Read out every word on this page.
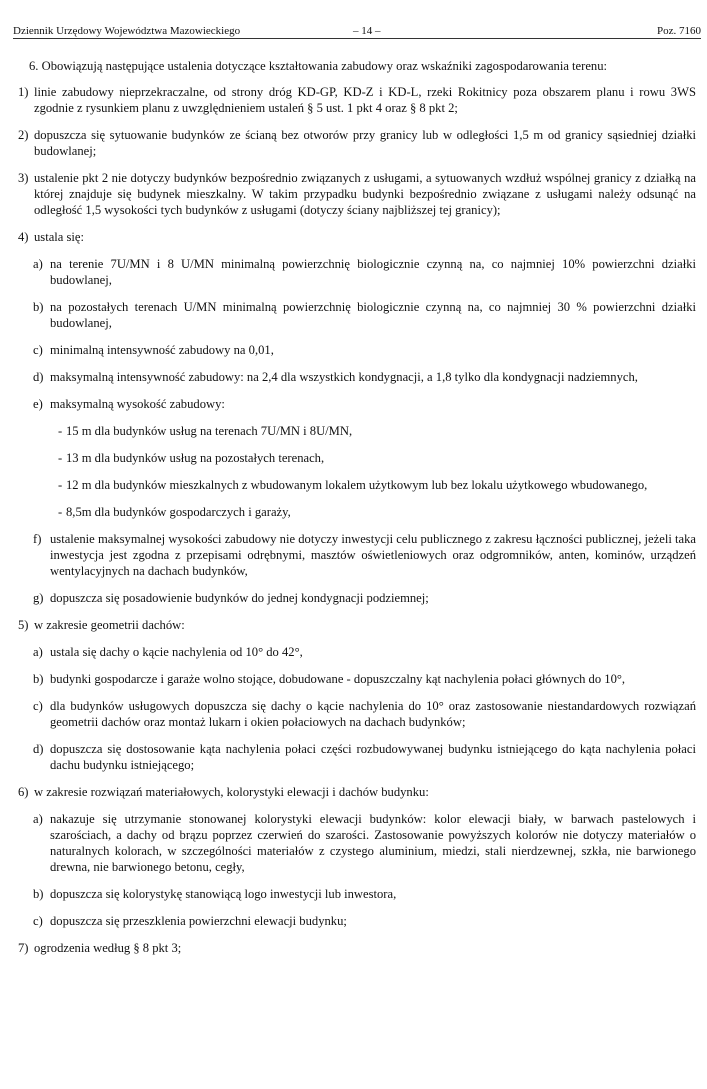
Dziennik Urzędowy Województwa Mazowieckiego	– 14 –	Poz. 7160

6. Obowiązują następujące ustalenia dotyczące kształtowania zabudowy oraz wskaźniki zagospodarowania terenu:

1) linie zabudowy nieprzekraczalne, od strony dróg KD-GP, KD-Z i KD-L, rzeki Rokitnicy poza obszarem planu i rowu 3WS zgodnie z rysunkiem planu z uwzględnieniem ustaleń § 5 ust. 1 pkt 4 oraz § 8 pkt 2;

2) dopuszcza się sytuowanie budynków ze ścianą bez otworów przy granicy lub w odległości 1,5 m od granicy sąsiedniej działki budowlanej;

3) ustalenie pkt 2 nie dotyczy budynków bezpośrednio związanych z usługami, a sytuowanych wzdłuż wspólnej granicy z działką na której znajduje się budynek mieszkalny. W takim przypadku budynki bezpośrednio związane z usługami należy odsunąć na odległość 1,5 wysokości tych budynków z usługami (dotyczy ściany najbliższej tej granicy);

4) ustala się:

a) na terenie 7U/MN i 8 U/MN minimalną powierzchnię biologicznie czynną na, co najmniej 10% powierzchni działki budowlanej,

b) na pozostałych terenach U/MN minimalną powierzchnię biologicznie czynną na, co najmniej 30 % powierzchni działki budowlanej,

c) minimalną intensywność zabudowy na 0,01,

d) maksymalną intensywność zabudowy: na 2,4 dla wszystkich kondygnacji, a 1,8 tylko dla kondygnacji nadziemnych,

e) maksymalną wysokość zabudowy:

- 15 m dla budynków usług na terenach 7U/MN i 8U/MN,

- 13 m dla budynków usług na pozostałych terenach,

- 12 m dla budynków mieszkalnych z wbudowanym lokalem użytkowym lub bez lokalu użytkowego wbudowanego,

- 8,5m dla budynków gospodarczych i garaży,

f) ustalenie maksymalnej wysokości zabudowy nie dotyczy inwestycji celu publicznego z zakresu łączności publicznej, jeżeli taka inwestycja jest zgodna z przepisami odrębnymi, masztów oświetleniowych oraz odgromników, anten, kominów, urządzeń wentylacyjnych na dachach budynków,

g) dopuszcza się posadowienie budynków do jednej kondygnacji podziemnej;

5) w zakresie geometrii dachów:

a) ustala się dachy o kącie nachylenia od 10° do 42°,

b) budynki gospodarcze i garaże wolno stojące, dobudowane - dopuszczalny kąt nachylenia połaci głównych do 10°,

c) dla budynków usługowych dopuszcza się dachy o kącie nachylenia do 10° oraz zastosowanie niestandardowych rozwiązań geometrii dachów oraz montaż lukarn i okien połaciowych na dachach budynków;

d) dopuszcza się dostosowanie kąta nachylenia połaci części rozbudowywanej budynku istniejącego do kąta nachylenia połaci dachu budynku istniejącego;

6) w zakresie rozwiązań materiałowych, kolorystyki elewacji i dachów budynku:

a) nakazuje się utrzymanie stonowanej kolorystyki elewacji budynków: kolor elewacji biały, w barwach pastelowych i szarościach, a dachy od brązu poprzez czerwień do szarości. Zastosowanie powyższych kolorów nie dotyczy materiałów o naturalnych kolorach, w szczególności materiałów z czystego aluminium, miedzi, stali nierdzewnej, szkła, nie barwionego drewna, nie barwionego betonu, cegły,

b) dopuszcza się kolorystykę stanowiącą logo inwestycji lub inwestora,

c) dopuszcza się przeszklenia powierzchni elewacji budynku;

7) ogrodzenia według § 8 pkt 3;
